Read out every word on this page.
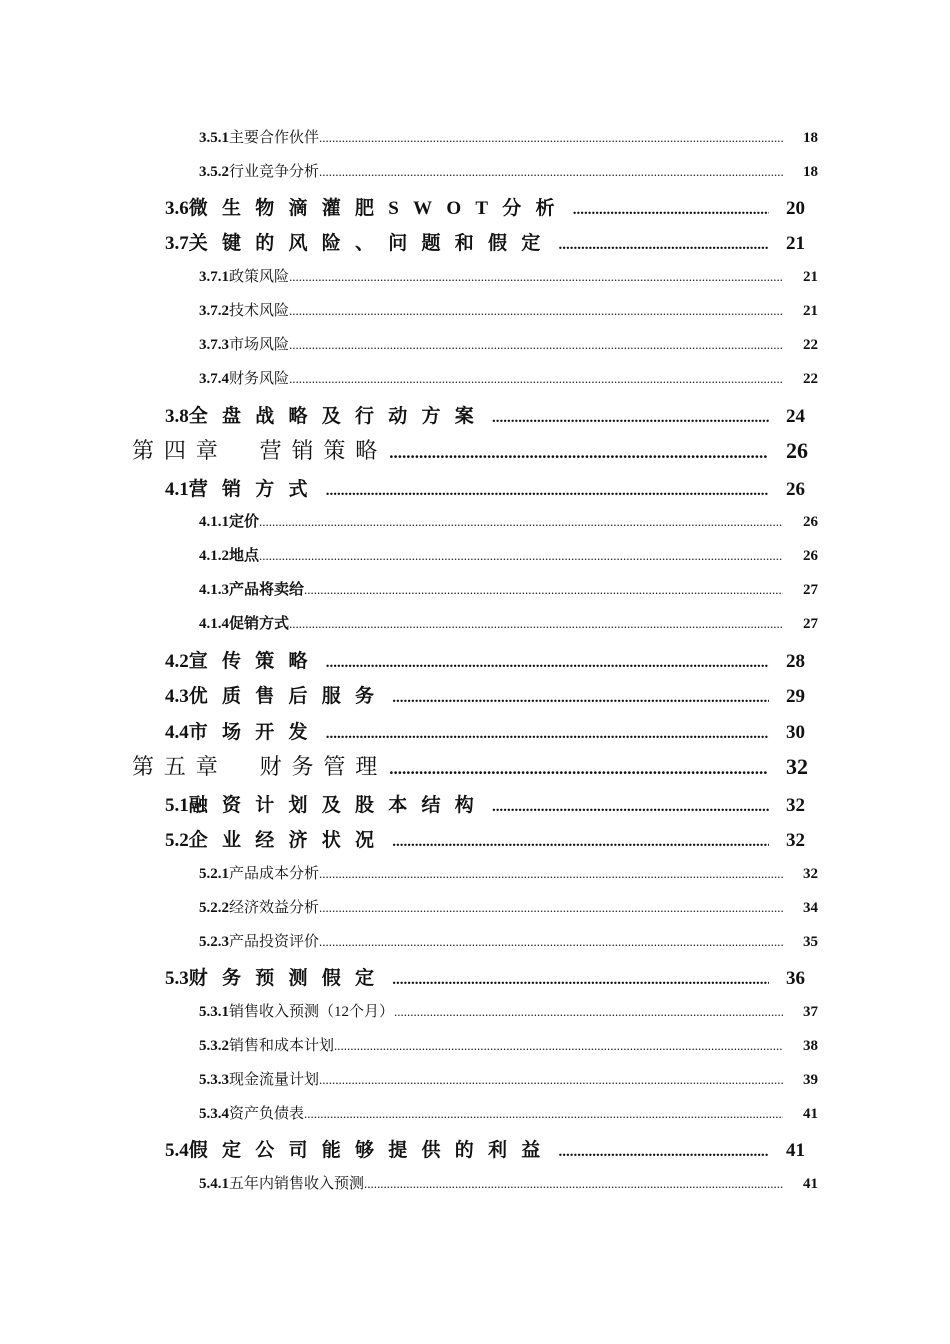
3.5.1 主要合作伙伴 .....	18
3.5.2 行业竞争分析 .....	18
3.6 微生物滴灌肥SWOT分析 .....	20
3.7 关键的风险、问题和假定 .....	21
3.7.1 政策风险 .....	21
3.7.2 技术风险 .....	21
3.7.3 市场风险 .....	22
3.7.4 财务风险 .....	22
3.8 全盘战略及行动方案 .....	24
第四章　营销策略 .....	26
4.1 营销方式 .....	26
4.1.1定价 .....	26
4.1.2地点 .....	26
4.1.3产品将卖给 .....	27
4.1.4促销方式 .....	27
4.2 宣传策略 .....	28
4.3 优质售后服务 .....	29
4.4 市场开发 .....	30
第五章　财务管理 .....	32
5.1 融资计划及股本结构 .....	32
5.2 企业经济状况 .....	32
5.2.1 产品成本分析 .....	32
5.2.2 经济效益分析 .....	34
5.2.3 产品投资评价 .....	35
5.3 财务预测假定 .....	36
5.3.1 销售收入预测（12个月） .....	37
5.3.2 销售和成本计划 .....	38
5.3.3 现金流量计划 .....	39
5.3.4 资产负债表 .....	41
5.4 假定公司能够提供的利益 .....	41
5.4.1 五年内销售收入预测 .....	41
